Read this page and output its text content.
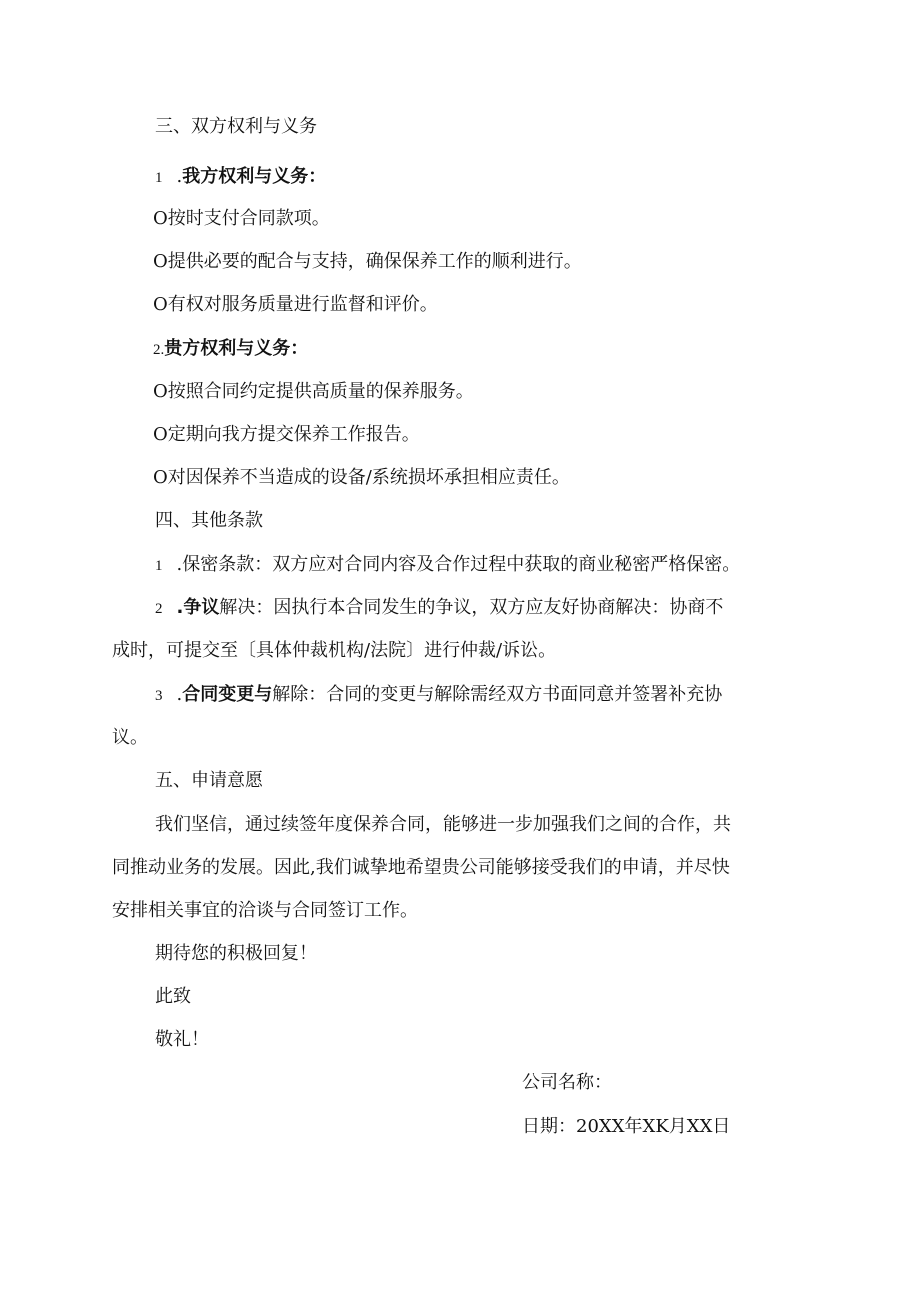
三、双方权利与义务
1 .我方权利与义务：
O按时支付合同款项。
O提供必要的配合与支持，确保保养工作的顺利进行。
O有权对服务质量进行监督和评价。
2.贵方权利与义务：
O按照合同约定提供高质量的保养服务。
O定期向我方提交保养工作报告。
O对因保养不当造成的设备/系统损坏承担相应责任。
四、其他条款
1 .保密条款：双方应对合同内容及合作过程中获取的商业秘密严格保密。
2 .争议解决：因执行本合同发生的争议，双方应友好协商解决：协商不
成时，可提交至〔具体仲裁机构/法院〕进行仲裁/诉讼。
3 .合同变更与解除：合同的变更与解除需经双方书面同意并签署补充协
议。
五、申请意愿
我们坚信，通过续签年度保养合同，能够进一步加强我们之间的合作，共
同推动业务的发展。因此,我们诚挚地希望贵公司能够接受我们的申请，并尽快
安排相关事宜的洽谈与合同签订工作。
期待您的积极回复！
此致
敬礼！
公司名称：
日期：20XX年XK月XX日
